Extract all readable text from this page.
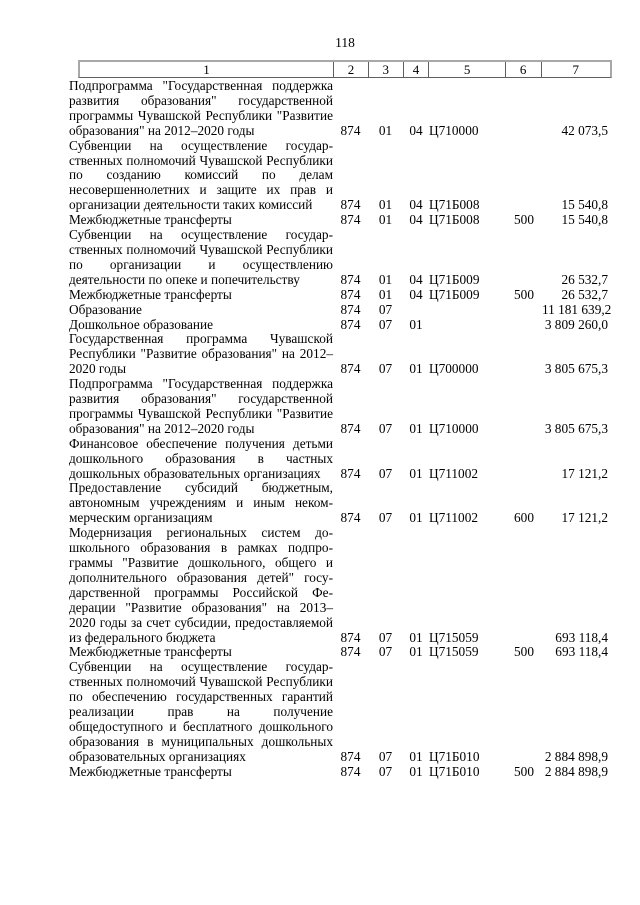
118
1	2	3	4	5	6	7
Подпрограмма "Государственная поддержка развития образования" государственной программы Чувашской Республики "Развитие образования" на 2012–2020 годы	874	01	04	Ц710000		42 073,5
Субвенции на осуществление государственных полномочий Чувашской Республики по созданию комиссий по делам несовершеннолетних и защите их прав и организации деятельности таких комиссий	874	01	04	Ц71Б008		15 540,8
Межбюджетные трансферты	874	01	04	Ц71Б008	500	15 540,8
Субвенции на осуществление государственных полномочий Чувашской Республики по организации и осуществлению деятельности по опеке и попечительству	874	01	04	Ц71Б009		26 532,7
Межбюджетные трансферты	874	01	04	Ц71Б009	500	26 532,7
Образование	874	07				11 181 639,2
Дошкольное образование	874	07	01			3 809 260,0
Государственная программа Чувашской Республики "Развитие образования" на 2012–2020 годы	874	07	01	Ц700000		3 805 675,3
Подпрограмма "Государственная поддержка развития образования" государственной программы Чувашской Республики "Развитие образования" на 2012–2020 годы	874	07	01	Ц710000		3 805 675,3
Финансовое обеспечение получения детьми дошкольного образования в частных дошкольных образовательных организациях	874	07	01	Ц711002		17 121,2
Предоставление субсидий бюджетным, автономным учреждениям и иным некоммерческим организациям	874	07	01	Ц711002	600	17 121,2
Модернизация региональных систем дошкольного образования в рамках подпрограммы "Развитие дошкольного, общего и дополнительного образования детей" государственной программы Российской Федерации "Развитие образования" на 2013–2020 годы за счет субсидии, предоставляемой из федерального бюджета	874	07	01	Ц715059		693 118,4
Межбюджетные трансферты	874	07	01	Ц715059	500	693 118,4
Субвенции на осуществление государственных полномочий Чувашской Республики по обеспечению государственных гарантий реализации прав на получение общедоступного и бесплатного дошкольного образования в муниципальных дошкольных образовательных организациях	874	07	01	Ц71Б010		2 884 898,9
Межбюджетные трансферты	874	07	01	Ц71Б010	500	2 884 898,9
